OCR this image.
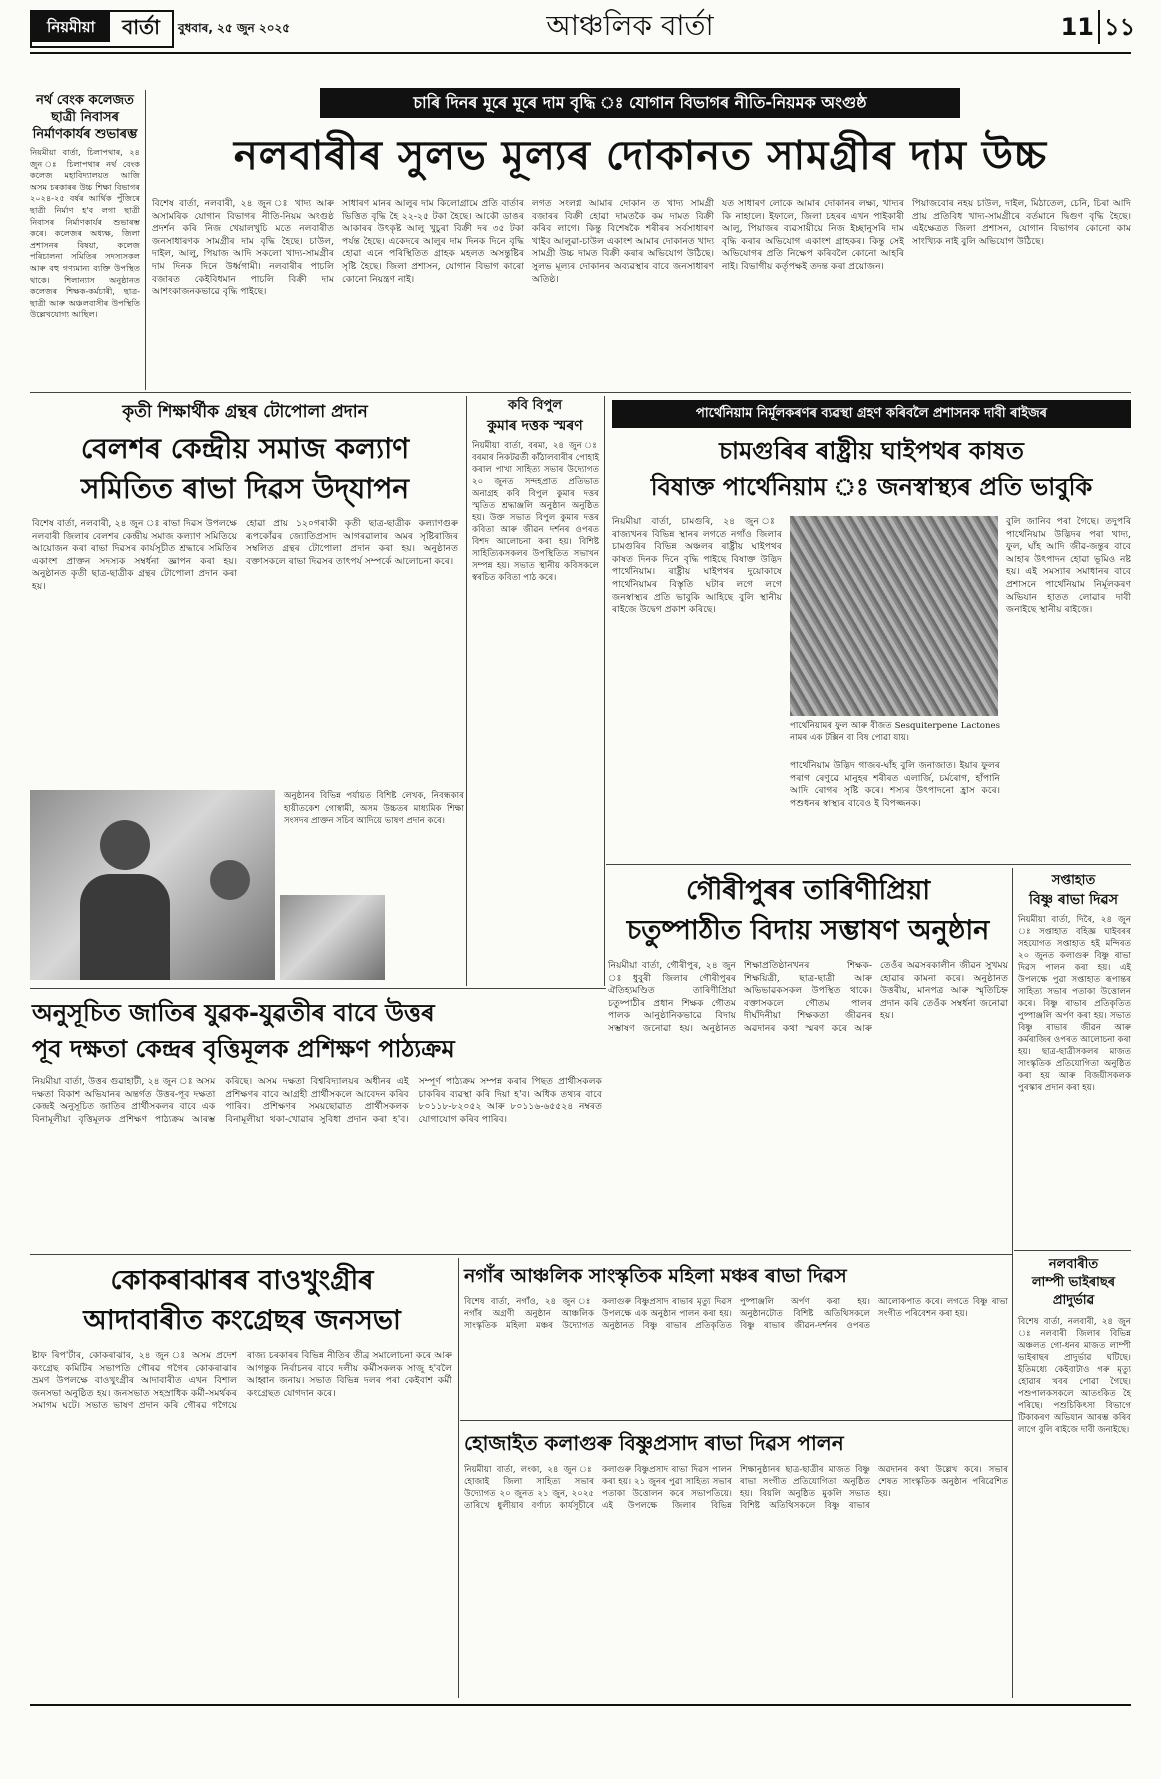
নিয়মীয়া	বাৰ্তা	বুধবাৰ, ২৫ জুন ২০২৫	আঞ্চলিক বাৰ্তা	11 ১১
নৰ্থ বেংক কলেজত ছাত্ৰী নিবাসৰ নিৰ্মাণকাৰ্যৰ শুভাৰম্ভ
নিয়মীয়া বাৰ্তা, চিলাপথাৰ, ২৪ জুন ঃ চিলাপথাৰ নৰ্থ বেংক কলেজ মহাবিদ্যালয়ত আজি অসম চৰকাৰৰ উচ্চ শিক্ষা বিভাগৰ ২০২৪-২৫ বৰ্ষৰ আৰ্থিক পুঁজিৰে ছাত্ৰী নিৰ্মাণ হ'ব লগা ছাত্ৰী নিবাসৰ নিৰ্মাণকাৰ্যৰ শুভাৰম্ভ কৰে। কলেজৰ অধ্যক্ষ, জিলা প্ৰশাসনৰ বিষয়া, কলেজ পৰিচালনা সমিতিৰ সদস্যসকল আৰু বহু গণ্যমান্য ব্যক্তি উপস্থিত থাকে। শিলান্যাস অনুষ্ঠানত কলেজৰ শিক্ষক-কৰ্মচাৰী, ছাত্ৰ-ছাত্ৰী আৰু অঞ্চলবাসীৰ উপস্থিতি উল্লেখযোগ্য আছিল।
চাৰি দিনৰ মূৰে মূৰে দাম বৃদ্ধি ঃ যোগান বিভাগৰ নীতি-নিয়মক অংগুষ্ঠ
নলবাৰীৰ সুলভ মূল্যৰ দোকানত সামগ্ৰীৰ দাম উচ্চ
বিশেষ বাৰ্তা, নলবাৰী, ২৪ জুন ঃ খাদ্য আৰু অসামৰিক যোগান বিভাগৰ নীতি-নিয়ম অংগুষ্ঠ প্ৰদৰ্শন কৰি নিজ খেয়ালখুচি মতে নলবাৰীত জনসাধাৰণক সামগ্ৰীৰ দাম বৃদ্ধি হৈছে। চাউল, দাইল, আলু, পিয়াজ আদি সকলো খাদ্য-সামগ্ৰীৰ দাম দিনক দিনে উৰ্ধ্বগামী। নলবাৰীৰ পাচলি বজাৰত কেইবিধমান পাচলি বিক্ৰী দাম আশংকাজনকভাৱে বৃদ্ধি পাইছে।
সাধাৰণ মানৰ আলুৰ দাম কিলোগ্ৰামে প্ৰতি বাৰ্তাৰ ভিত্তিত বৃদ্ধি হৈ ২২-২৫ টকা হৈছে। আকৌ ডাঙৰ আকাৰৰ উৎকৃষ্ট আলু খুচুৰা বিক্ৰী দৰ ৩৫ টকা পৰ্যন্ত হৈছে। একেদৰে আলুৰ দাম দিনক দিনে বৃদ্ধি হোৱা এনে পৰিস্থিতিত গ্ৰাহক মহলত অসন্তুষ্টিৰ সৃষ্টি হৈছে। জিলা প্ৰশাসন, যোগান বিভাগ কাৰো কোনো নিয়ন্ত্ৰণ নাই।
লগত সংলগ্ন আমাৰ দোকান ত খাদ্য সামগ্ৰী বজাৰৰ বিক্ৰী হোৱা দামতকৈ কম দামত বিক্ৰী কৰিব লাগে। কিন্তু বিশেষকৈ শৰীৰৰ সৰ্বসাধাৰণ খাইব আলুৱা-চাউল একাংশ আমাৰ দোকানত খাদ্য সামগ্ৰী উচ্চ দামত বিক্ৰী কৰাৰ অভিযোগ উঠিছে। সুলভ মূল্যৰ দোকানৰ অব্যৱস্থাৰ বাবে জনসাধাৰণ অতিষ্ঠ।
যত সাধাৰণ লোকে আমাৰ দোকানৰ লক্ষ্য, খাদ্যৰ কি নাহালে। ইফালে, জিলা চহৰৰ এখন পাইকাৰী আলু, পিয়াজৰ ব্যৱসায়ীয়ে নিজ ইচ্ছানুসৰি দাম বৃদ্ধি কৰাৰ অভিযোগ একাংশ গ্ৰাহকৰ। কিন্তু সেই অভিযোগৰ প্ৰতি নিক্ষেপ কৰিবলৈ কোনো আহৰি নাই। বিভাগীয় কৰ্তৃপক্ষই তদন্ত কৰা প্ৰয়োজন।
পিয়াজবোৰ নহয় চাউল, দাইল, মিঠাতেল, চেনি, চিৰা আদি প্ৰায় প্ৰতিবিধ খাদ্য-সামগ্ৰীৰে বৰ্তমানে দ্বিগুণ বৃদ্ধি হৈছে। এইক্ষেত্ৰত জিলা প্ৰশাসন, যোগান বিভাগৰ কোনো কাম সাংখ্যিক নাই বুলি অভিযোগ উঠিছে।
কৃতী শিক্ষাৰ্থীক গ্ৰন্থৰ টোপোলা প্ৰদান
বেলশৰ কেন্দ্ৰীয় সমাজ কল্যাণ
সমিতিত ৰাভা দিৱস উদ্‌যাপন
বিশেষ বাৰ্তা, নলবাৰী, ২৪ জুন ঃ ৰাভা দিৱস উপলক্ষে নলবাৰী জিলাৰ বেলশৰ কেন্দ্ৰীয় সমাজ কল্যাণ সমিতিয়ে আয়োজন কৰা ৰাভা দিৱসৰ কাৰ্যসূচীত শ্ৰদ্ধাৰে সমিতিৰ একাংশ প্ৰাক্তন সদস্যক সম্বৰ্ধনা জ্ঞাপন কৰা হয়। অনুষ্ঠানত কৃতী ছাত্ৰ-ছাত্ৰীক গ্ৰন্থৰ টোপোলা প্ৰদান কৰা হয়।
হোৱা প্ৰায় ১২০গৰাকী কৃতী ছাত্ৰ-ছাত্ৰীক কল্যাণগুৰু ৰূপকোঁৱৰ জ্যোতিপ্ৰসাদ আগৰৱালাৰ অমৰ সৃষ্টিৰাজিৰ সম্বলিত গ্ৰন্থৰ টোপোলা প্ৰদান কৰা হয়। অনুষ্ঠানত বক্তাসকলে ৰাভা দিৱসৰ তাৎপৰ্য সম্পৰ্কে আলোচনা কৰে।
অনুষ্ঠানৰ বিভিন্ন পৰ্যায়ত বিশিষ্ট লেখক, নিবন্ধকাৰ হায়ীতকেশ গোস্বামী, অসম উচ্চতৰ মাধ্যমিক শিক্ষা সংসদৰ প্ৰাক্তন সচিব আদিয়ে ভাষণ প্ৰদান কৰে।
কবি বিপুল
কুমাৰ দত্তক স্মৰণ
নিয়মীয়া বাৰ্তা, বৰমা, ২৪ জুন ঃ বৰমাৰ নিকটৱৰ্তী কাঁঠালবাৰীৰ পোহাই কৰাল পাখা সাহিত্য সভাৰ উদ্যোগত ২০ জুনত সন্দহপ্ৰাত প্ৰতিভাত অনাগ্ৰহ কবি বিপুল কুমাৰ দত্তৰ স্মৃতিত শ্ৰদ্ধাঞ্জলি অনুষ্ঠান অনুষ্ঠিত হয়। উক্ত সভাত বিপুল কুমাৰ দত্তৰ কবিতা আৰু জীৱন দৰ্শনৰ ওপৰত বিশদ আলোচনা কৰা হয়। বিশিষ্ট সাহিত্যিকসকলৰ উপস্থিতিত সভাখন সম্পন্ন হয়। সভাত স্থানীয় কবিসকলে স্বৰচিত কবিতা পাঠ কৰে।
পাৰ্থেনিয়াম নিৰ্মূলকৰণৰ ব্যৱস্থা গ্ৰহণ কৰিবলৈ প্ৰশাসনক দাবী ৰাইজৰ
চামগুৰিৰ ৰাষ্ট্ৰীয় ঘাইপথৰ কাষত
বিষাক্ত পাৰ্থেনিয়াম ঃ জনস্বাস্থ্যৰ প্ৰতি ভাবুকি
নিয়মীয়া বাৰ্তা, চামগুৰি, ২৪ জুন ঃ ৰাজ্যখনৰ বিভিন্ন স্থানৰ লগতে নগাঁও জিলাৰ চামগুৰিৰ বিভিন্ন অঞ্চলৰ ৰাষ্ট্ৰীয় ঘাইপথৰ কাষত দিনক দিনে বৃদ্ধি পাইছে বিষাক্ত উদ্ভিদ পাৰ্থেনিয়াম। ৰাষ্ট্ৰীয় ঘাইপথৰ দুয়োকাষে পাৰ্থেনিয়ামৰ বিস্তৃতি ঘটাৰ লগে লগে জনস্বাস্থ্যৰ প্ৰতি ভাবুকি আহিছে বুলি স্থানীয় ৰাইজে উদ্বেগ প্ৰকাশ কৰিছে।
পাৰ্থেনিয়ামৰ ফুল আৰু বীজত Sesquiterpene Lactones নামৰ এক টক্সিন বা বিষ পোৱা যায়।
পাৰ্থেনিয়াম উদ্ভিদ গাজৰ-ঘাঁহ বুলি জনাজাত। ইয়াৰ ফুলৰ পৰাগ ৰেণুৱে মানুহৰ শৰীৰত এলাৰ্জি, চৰ্মৰোগ, হাঁপানি আদি ৰোগৰ সৃষ্টি কৰে। শস্যৰ উৎপাদনো হ্ৰাস কৰে। পশুধনৰ স্বাস্থ্যৰ বাবেও ই বিপজ্জনক।
বুলি জানিব পৰা গৈছে। তদুপৰি পাৰ্থেনিয়াম উদ্ভিদৰ পৰা খাদ্য, ফুল, ঘাঁহ আদি জীৱ-জন্তুৰ বাবে আহাৰ উৎপাদন হোৱা ভূমিও নষ্ট হয়। এই সমস্যাৰ সমাধানৰ বাবে প্ৰশাসনে পাৰ্থেনিয়াম নিৰ্মূলকৰণ অভিযান হাতত লোৱাৰ দাবী জনাইছে স্থানীয় ৰাইজে।
গৌৰীপুৰৰ তাৰিণীপ্ৰিয়া
চতুষ্পাঠীত বিদায় সম্ভাষণ অনুষ্ঠান
নিয়মীয়া বাৰ্তা, গৌৰীপুৰ, ২৪ জুন ঃ ধুবুৰী জিলাৰ গৌৰীপুৰৰ ঐতিহ্যমণ্ডিত তাৰিণীপ্ৰিয়া চতুষ্পাঠীৰ প্ৰধান শিক্ষক গৌতম পালক আনুষ্ঠানিকভাৱে বিদায় সম্ভাষণ জনোৱা হয়। অনুষ্ঠানত শিক্ষাপ্ৰতিষ্ঠানখনৰ শিক্ষক-শিক্ষয়িত্ৰী, ছাত্ৰ-ছাত্ৰী আৰু অভিভাৱকসকল উপস্থিত থাকে। বক্তাসকলে গৌতম পালৰ দীৰ্ঘদিনীয়া শিক্ষকতা জীৱনৰ অৱদানৰ কথা স্মৰণ কৰে আৰু তেওঁৰ অৱসৰকালীন জীৱন সুখময় হোৱাৰ কামনা কৰে। অনুষ্ঠানত উত্তৰীয়, মানপত্ৰ আৰু স্মৃতিচিহ্ন প্ৰদান কৰি তেওঁক সম্বৰ্ধনা জনোৱা হয়।
সপ্তাহাত
বিষ্ণু ৰাভা দিৱস
নিয়মীয়া বাৰ্তা, দিৰৈ, ২৪ জুন ঃ সপ্তাহাত বহিজ্ঞ ঘাইবৰৰ সহযোগত সপ্তাহাত হই মন্দিৰত ২০ জুনত কলাগুৰু বিষ্ণু ৰাভা দিৱস পালন কৰা হয়। এই উপলক্ষে পুৱা সপ্তাহাত ৰূপান্তৰ সাহিত্য সভাৰ পতাকা উত্তোলন কৰে। বিষ্ণু ৰাভাৰ প্ৰতিকৃতিত পুষ্পাঞ্জলি অৰ্পণ কৰা হয়। সভাত বিষ্ণু ৰাভাৰ জীৱন আৰু কৰ্মৰাজিৰ ওপৰত আলোচনা কৰা হয়। ছাত্ৰ-ছাত্ৰীসকলৰ মাজত সাংস্কৃতিক প্ৰতিযোগিতা অনুষ্ঠিত কৰা হয় আৰু বিজয়ীসকলক পুৰস্কাৰ প্ৰদান কৰা হয়।
নলবাৰীত
লাম্পী ভাইৰাছৰ প্ৰাদুৰ্ভাৱ
বিশেষ বাৰ্তা, নলবাৰী, ২৪ জুন ঃ নলবাৰী জিলাৰ বিভিন্ন অঞ্চলত গো-ধনৰ মাজত লাম্পী ভাইৰাছৰ প্ৰাদুৰ্ভাৱ ঘটিছে। ইতিমধ্যে কেইবাটাও গৰু মৃত্যু হোৱাৰ খবৰ পোৱা গৈছে। পশুপালকসকলে আতংকিত হৈ পৰিছে। পশুচিকিৎসা বিভাগে টিকাকৰণ অভিযান আৰম্ভ কৰিব লাগে বুলি ৰাইজে দাবী জনাইছে।
অনুসূচিত জাতিৰ যুৱক-যুৱতীৰ বাবে উত্তৰ
পূব দক্ষতা কেন্দ্ৰৰ বৃত্তিমূলক প্ৰশিক্ষণ পাঠ্যক্ৰম
নিয়মীয়া বাৰ্তা, উত্তৰ গুৱাহাটী, ২৪ জুন ঃ অসম দক্ষতা বিকাশ অভিযানৰ অন্তৰ্গত উত্তৰ-পূব দক্ষতা কেন্দ্ৰই অনুসূচিত জাতিৰ প্ৰাৰ্থীসকলৰ বাবে এক বিনামূলীয়া বৃত্তিমূলক প্ৰশিক্ষণ পাঠ্যক্ৰম আৰম্ভ কৰিছে। অসম দক্ষতা বিশ্ববিদ্যালয়ৰ অধীনৰ এই প্ৰশিক্ষণৰ বাবে আগ্ৰহী প্ৰাৰ্থীসকলে আবেদন কৰিব পাৰিব। প্ৰশিক্ষণৰ সময়ছোৱাত প্ৰাৰ্থীসকলক বিনামূলীয়া থকা-খোৱাৰ সুবিধা প্ৰদান কৰা হ'ব। সম্পূৰ্ণ পাঠ্যক্ৰম সম্পন্ন কৰাৰ পিছত প্ৰাৰ্থীসকলক চাকৰিৰ ব্যৱস্থা কৰি দিয়া হ'ব। অধিক তথ্যৰ বাবে ৮০১১৮-৮২০৫২ আৰু ৮০১১৬-৬৫৫২৪ নম্বৰত যোগাযোগ কৰিব পাৰিব।
কোকৰাঝাৰৰ বাওখুংগ্ৰীৰ
আদাবাৰীত কংগ্ৰেছৰ জনসভা
ষ্টাফ ৰিপ'ৰ্টাৰ, কোকৰাঝাৰ, ২৪ জুন ঃ অসম প্ৰদেশ কংগ্ৰেছ কমিটিৰ সভাপতি গৌৰৱ গগৈৰ কোকৰাঝাৰ ভ্ৰমণ উপলক্ষে বাওখুংগ্ৰীৰ আদাবাৰীত এখন বিশাল জনসভা অনুষ্ঠিত হয়। জনসভাত সহস্ৰাধিক কৰ্মী-সমৰ্থকৰ সমাগম ঘটে। সভাত ভাষণ প্ৰদান কৰি গৌৰৱ গগৈয়ে ৰাজ্য চৰকাৰৰ বিভিন্ন নীতিৰ তীব্ৰ সমালোচনা কৰে আৰু আগন্তুক নিৰ্বাচনৰ বাবে দলীয় কৰ্মীসকলক সাজু হ'বলৈ আহ্বান জনায়। সভাত বিভিন্ন দলৰ পৰা কেইবাশ কৰ্মী কংগ্ৰেছত যোগদান কৰে।
নগাঁৰ আঞ্চলিক সাংস্কৃতিক মহিলা মঞ্চৰ ৰাভা দিৱস
বিশেষ বাৰ্তা, নগাঁও, ২৪ জুন ঃ নগাঁৰ অগ্ৰণী অনুষ্ঠান আঞ্চলিক সাংস্কৃতিক মহিলা মঞ্চৰ উদ্যোগত কলাগুৰু বিষ্ণুপ্ৰসাদ ৰাভাৰ মৃত্যু দিৱস উপলক্ষে এক অনুষ্ঠান পালন কৰা হয়। অনুষ্ঠানত বিষ্ণু ৰাভাৰ প্ৰতিকৃতিত পুষ্পাঞ্জলি অৰ্পণ কৰা হয়। অনুষ্ঠানটোত বিশিষ্ট অতিথিসকলে বিষ্ণু ৰাভাৰ জীৱন-দৰ্শনৰ ওপৰত আলোকপাত কৰে। লগতে বিষ্ণু ৰাভা সংগীত পৰিবেশন কৰা হয়।
হোজাইত কলাগুৰু বিষ্ণুপ্ৰসাদ ৰাভা দিৱস পালন
নিয়মীয়া বাৰ্তা, লংকা, ২৪ জুন ঃ হোজাই জিলা সাহিত্য সভাৰ উদ্যোগত ২০ জুনত ২১ জুন, ২০২৫ তাৰিখে ধুলীয়াৰ বৰ্ণাঢ্য কাৰ্যসূচীৰে কলাগুৰু বিষ্ণুপ্ৰসাদ ৰাভা দিৱস পালন কৰা হয়। ২১ জুনৰ পুৱা সাহিত্য সভাৰ পতাকা উত্তোলন কৰে সভাপতিয়ে। এই উপলক্ষে জিলাৰ বিভিন্ন শিক্ষানুষ্ঠানৰ ছাত্ৰ-ছাত্ৰীৰ মাজত বিষ্ণু ৰাভা সংগীত প্ৰতিযোগিতা অনুষ্ঠিত হয়। বিয়লি অনুষ্ঠিত মুকলি সভাত বিশিষ্ট অতিথিসকলে বিষ্ণু ৰাভাৰ অৱদানৰ কথা উল্লেখ কৰে। সভাৰ শেষত সাংস্কৃতিক অনুষ্ঠান পৰিৱেশিত হয়।
